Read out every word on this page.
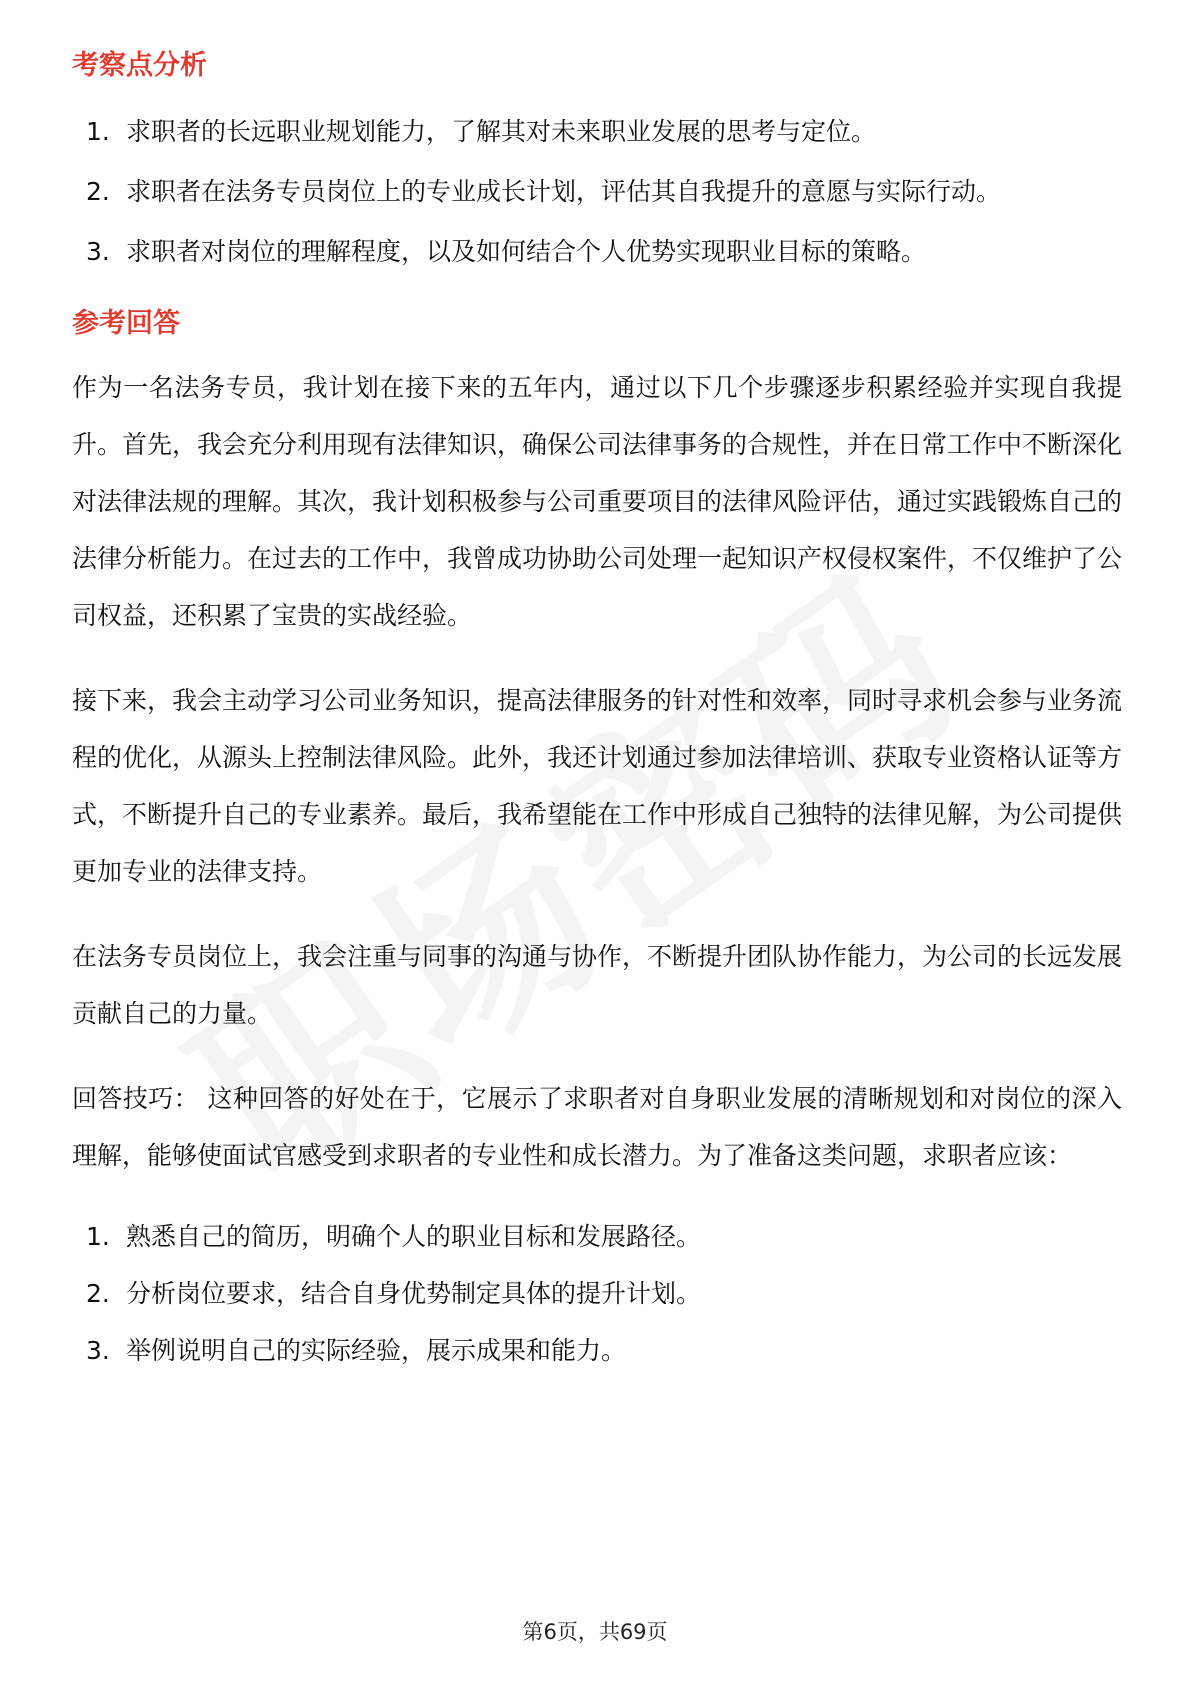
考察点分析
1. 求职者的长远职业规划能力，了解其对未来职业发展的思考与定位。
2. 求职者在法务专员岗位上的专业成长计划，评估其自我提升的意愿与实际行动。
3. 求职者对岗位的理解程度，以及如何结合个人优势实现职业目标的策略。
参考回答

作为一名法务专员，我计划在接下来的五年内，通过以下几个步骤逐步积累经验并实现自我提升。首先，我会充分利用现有法律知识，确保公司法律事务的合规性，并在日常工作中不断深化对法律法规的理解。其次，我计划积极参与公司重要项目的法律风险评估，通过实践锻炼自己的法律分析能力。在过去的工作中，我曾成功协助公司处理一起知识产权侵权案件，不仅维护了公司权益，还积累了宝贵的实战经验。

接下来，我会主动学习公司业务知识，提高法律服务的针对性和效率，同时寻求机会参与业务流程的优化，从源头上控制法律风险。此外，我还计划通过参加法律培训、获取专业资格认证等方式，不断提升自己的专业素养。最后，我希望能在工作中形成自己独特的法律见解，为公司提供更加专业的法律支持。

在法务专员岗位上，我会注重与同事的沟通与协作，不断提升团队协作能力，为公司的长远发展贡献自己的力量。

回答技巧： 这种回答的好处在于，它展示了求职者对自身职业发展的清晰规划和对岗位的深入理解，能够使面试官感受到求职者的专业性和成长潜力。为了准备这类问题，求职者应该：

1. 熟悉自己的简历，明确个人的职业目标和发展路径。
2. 分析岗位要求，结合自身优势制定具体的提升计划。
3. 举例说明自己的实际经验，展示成果和能力。
第6页，共69页
